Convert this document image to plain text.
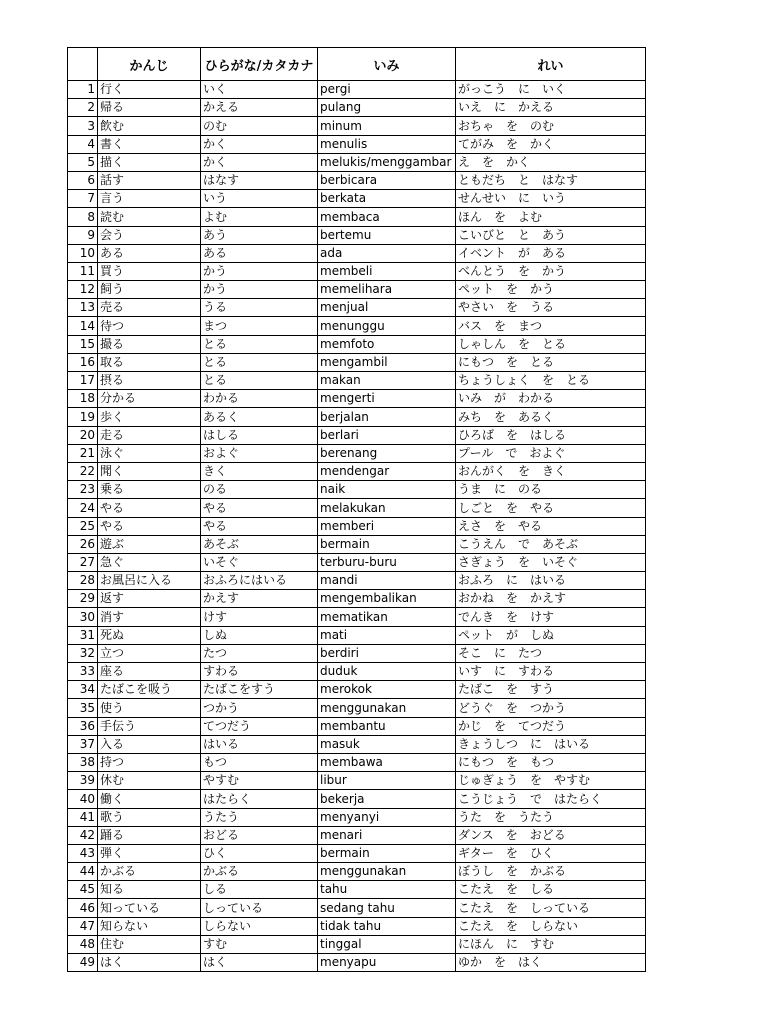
	かんじ	ひらがな/カタカナ	いみ	れい
1	行く	いく	pergi	がっこう　に　いく
2	帰る	かえる	pulang	いえ　に　かえる
3	飲む	のむ	minum	おちゃ　を　のむ
4	書く	かく	menulis	てがみ　を　かく
5	描く	かく	melukis/menggambar	え　を　かく
6	話す	はなす	berbicara	ともだち　と　はなす
7	言う	いう	berkata	せんせい　に　いう
8	読む	よむ	membaca	ほん　を　よむ
9	会う	あう	bertemu	こいびと　と　あう
10	ある	ある	ada	イベント　が　ある
11	買う	かう	membeli	べんとう　を　かう
12	飼う	かう	memelihara	ペット　を　かう
13	売る	うる	menjual	やさい　を　うる
14	待つ	まつ	menunggu	バス　を　まつ
15	撮る	とる	memfoto	しゃしん　を　とる
16	取る	とる	mengambil	にもつ　を　とる
17	摂る	とる	makan	ちょうしょく　を　とる
18	分かる	わかる	mengerti	いみ　が　わかる
19	歩く	あるく	berjalan	みち　を　あるく
20	走る	はしる	berlari	ひろば　を　はしる
21	泳ぐ	およぐ	berenang	プール　で　およぐ
22	聞く	きく	mendengar	おんがく　を　きく
23	乗る	のる	naik	うま　に　のる
24	やる	やる	melakukan	しごと　を　やる
25	やる	やる	memberi	えさ　を　やる
26	遊ぶ	あそぶ	bermain	こうえん　で　あそぶ
27	急ぐ	いそぐ	terburu-buru	さぎょう　を　いそぐ
28	お風呂に入る	おふろにはいる	mandi	おふろ　に　はいる
29	返す	かえす	mengembalikan	おかね　を　かえす
30	消す	けす	mematikan	でんき　を　けす
31	死ぬ	しぬ	mati	ペット　が　しぬ
32	立つ	たつ	berdiri	そこ　に　たつ
33	座る	すわる	duduk	いす　に　すわる
34	たばこを吸う	たばこをすう	merokok	たばこ　を　すう
35	使う	つかう	menggunakan	どうぐ　を　つかう
36	手伝う	てつだう	membantu	かじ　を　てつだう
37	入る	はいる	masuk	きょうしつ　に　はいる
38	持つ	もつ	membawa	にもつ　を　もつ
39	休む	やすむ	libur	じゅぎょう　を　やすむ
40	働く	はたらく	bekerja	こうじょう　で　はたらく
41	歌う	うたう	menyanyi	うた　を　うたう
42	踊る	おどる	menari	ダンス　を　おどる
43	弾く	ひく	bermain	ギター　を　ひく
44	かぶる	かぶる	menggunakan	ぼうし　を　かぶる
45	知る	しる	tahu	こたえ　を　しる
46	知っている	しっている	sedang tahu	こたえ　を　しっている
47	知らない	しらない	tidak tahu	こたえ　を　しらない
48	住む	すむ	tinggal	にほん　に　すむ
49	はく	はく	menyapu	ゆか　を　はく
